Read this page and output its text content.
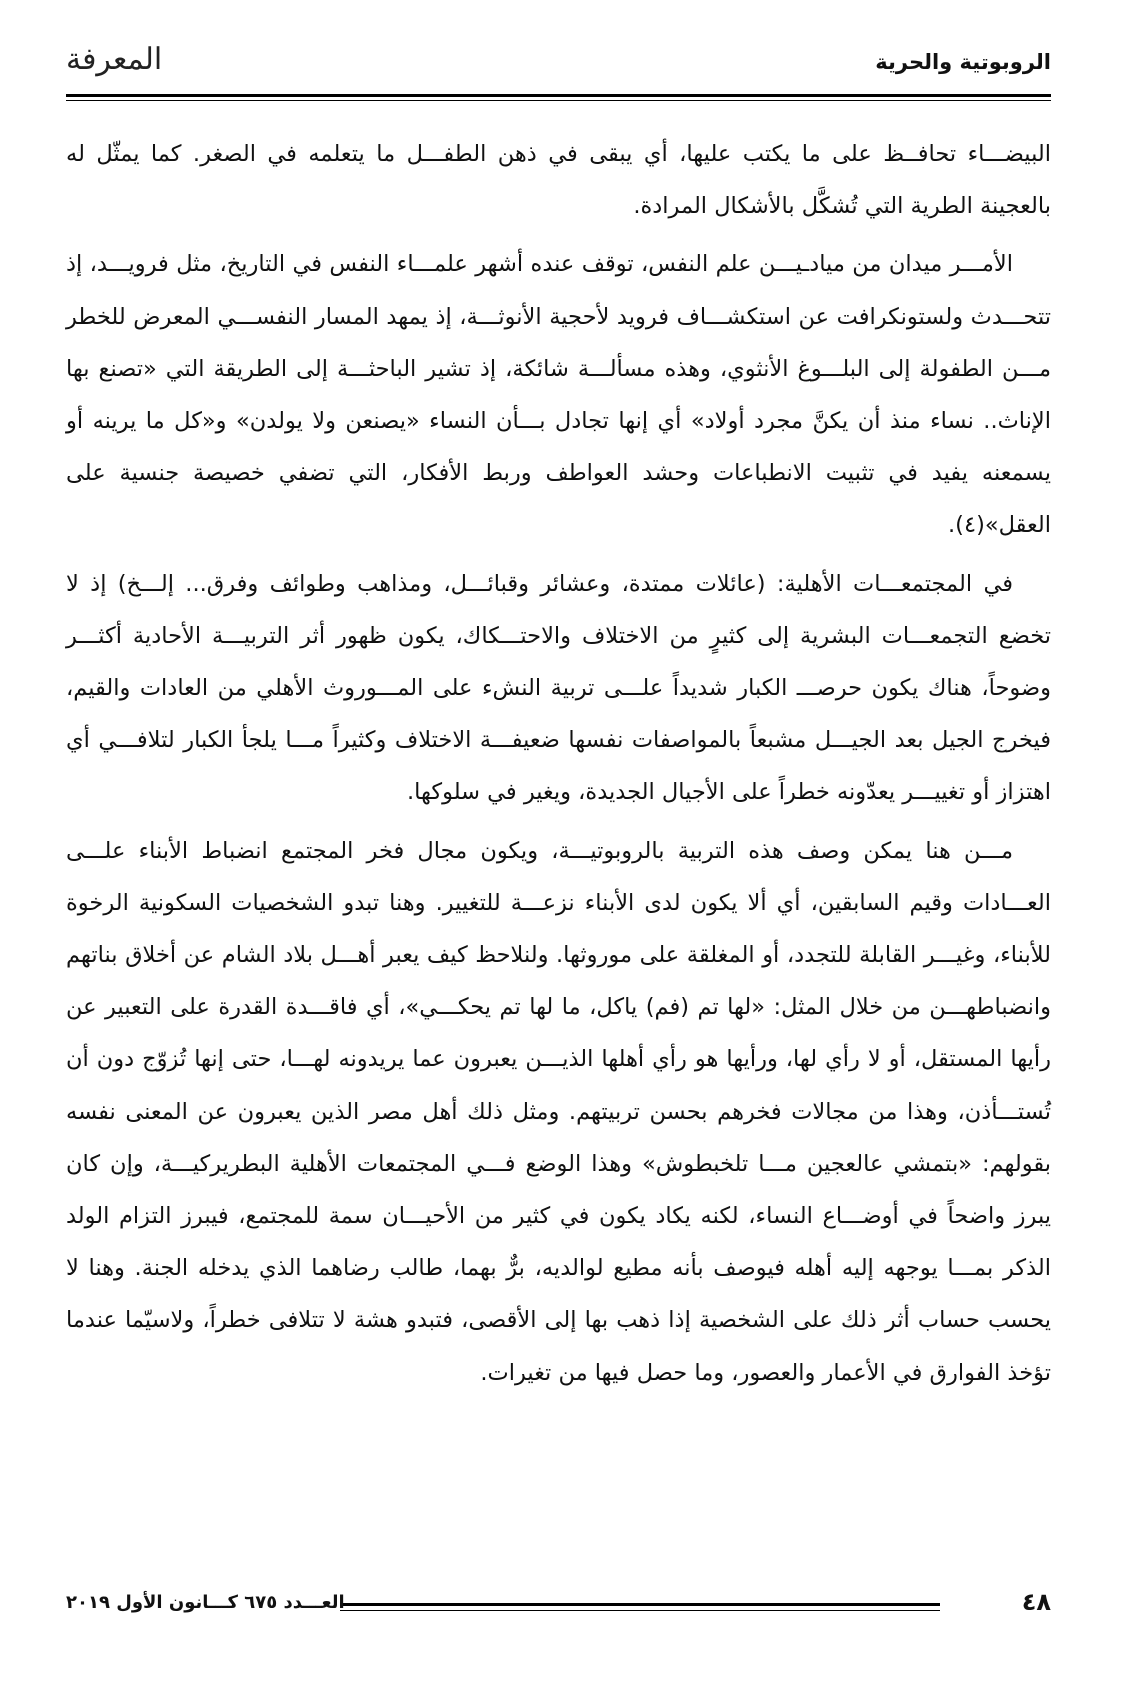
الروبوتية والحرية
المعرفة

البيضـــاء تحافــظ على ما يكتب عليها، أي يبقى في ذهن الطفـــل ما يتعلمه في الصغر. كما يمثّل له بالعجينة الطرية التي تُشكَّل بالأشكال المرادة.

الأمـــر ميدان من ميادـيـــن علم النفس، توقف عنده أشهر علمـــاء النفس في التاريخ، مثل فرويـــد، إذ تتحـــدث ولستونكرافت عن استكشـــاف فرويد لأحجية الأنوثـــة، إذ يمهد المسار النفســـي المعرض للخطر مـــن الطفولة إلى البلـــوغ الأنثوي، وهذه مسألـــة شائكة، إذ تشير الباحثـــة إلى الطريقة التي «تصنع بها الإناث.. نساء منذ أن يكنَّ مجرد أولاد» أي إنها تجادل بـــأن النساء «يصنعن ولا يولدن» و«كل ما يرينه أو يسمعنه يفيد في تثبيت الانطباعات وحشد العواطف وربط الأفكار، التي تضفي خصيصة جنسية على العقل»(٤).

في المجتمعـــات الأهلية: (عائلات ممتدة، وعشائر وقبائـــل، ومذاهب وطوائف وفرق... إلـــخ) إذ لا تخضع التجمعـــات البشرية إلى كثيرٍ من الاختلاف والاحتـــكاك، يكون ظهور أثر التربيـــة الأحادية أكثـــر وضوحاً، هناك يكون حرصـــ الكبار شديداً علـــى تربية النشء على المـــوروث الأهلي من العادات والقيم، فيخرج الجيل بعد الجيـــل مشبعاً بالمواصفات نفسها ضعيفـــة الاختلاف وكثيراً مـــا يلجأ الكبار لتلافـــي أي اهتزاز أو تغييـــر يعدّونه خطراً على الأجيال الجديدة، ويغير في سلوكها.

مـــن هنا يمكن وصف هذه التربية بالروبوتيـــة، ويكون مجال فخر المجتمع انضباط الأبناء علـــى العـــادات وقيم السابقين، أي ألا يكون لدى الأبناء نزعـــة للتغيير. وهنا تبدو الشخصيات السكونية الرخوة للأبناء، وغيـــر القابلة للتجدد، أو المغلقة على موروثها. ولنلاحظ كيف يعبر أهـــل بلاد الشام عن أخلاق بناتهم وانضباطهـــن من خلال المثل: «لها تم (فم) ياكل، ما لها تم يحكـــي»، أي فاقـــدة القدرة على التعبير عن رأيها المستقل، أو لا رأي لها، ورأيها هو رأي أهلها الذيـــن يعبرون عما يريدونه لهـــا، حتى إنها تُزوّج دون أن تُستـــأذن، وهذا من مجالات فخرهم بحسن تربيتهم. ومثل ذلك أهل مصر الذين يعبرون عن المعنى نفسه بقولهم: «بتمشي عالعجين مـــا تلخبطوش» وهذا الوضع فـــي المجتمعات الأهلية البطريركيـــة، وإن كان يبرز واضحاً في أوضـــاع النساء، لكنه يكاد يكون في كثير من الأحيـــان سمة للمجتمع، فيبرز التزام الولد الذكر بمـــا يوجهه إليه أهله فيوصف بأنه مطيع لوالديه، برٌّ بهما، طالب رضاهما الذي يدخله الجنة. وهنا لا يحسب حساب أثر ذلك على الشخصية إذا ذهب بها إلى الأقصى، فتبدو هشة لا تتلافى خطراً، ولاسيّما عندما تؤخذ الفوارق في الأعمار والعصور، وما حصل فيها من تغيرات.

٤٨
العـــدد ٦٧٥ كـــانون الأول ٢٠١٩
